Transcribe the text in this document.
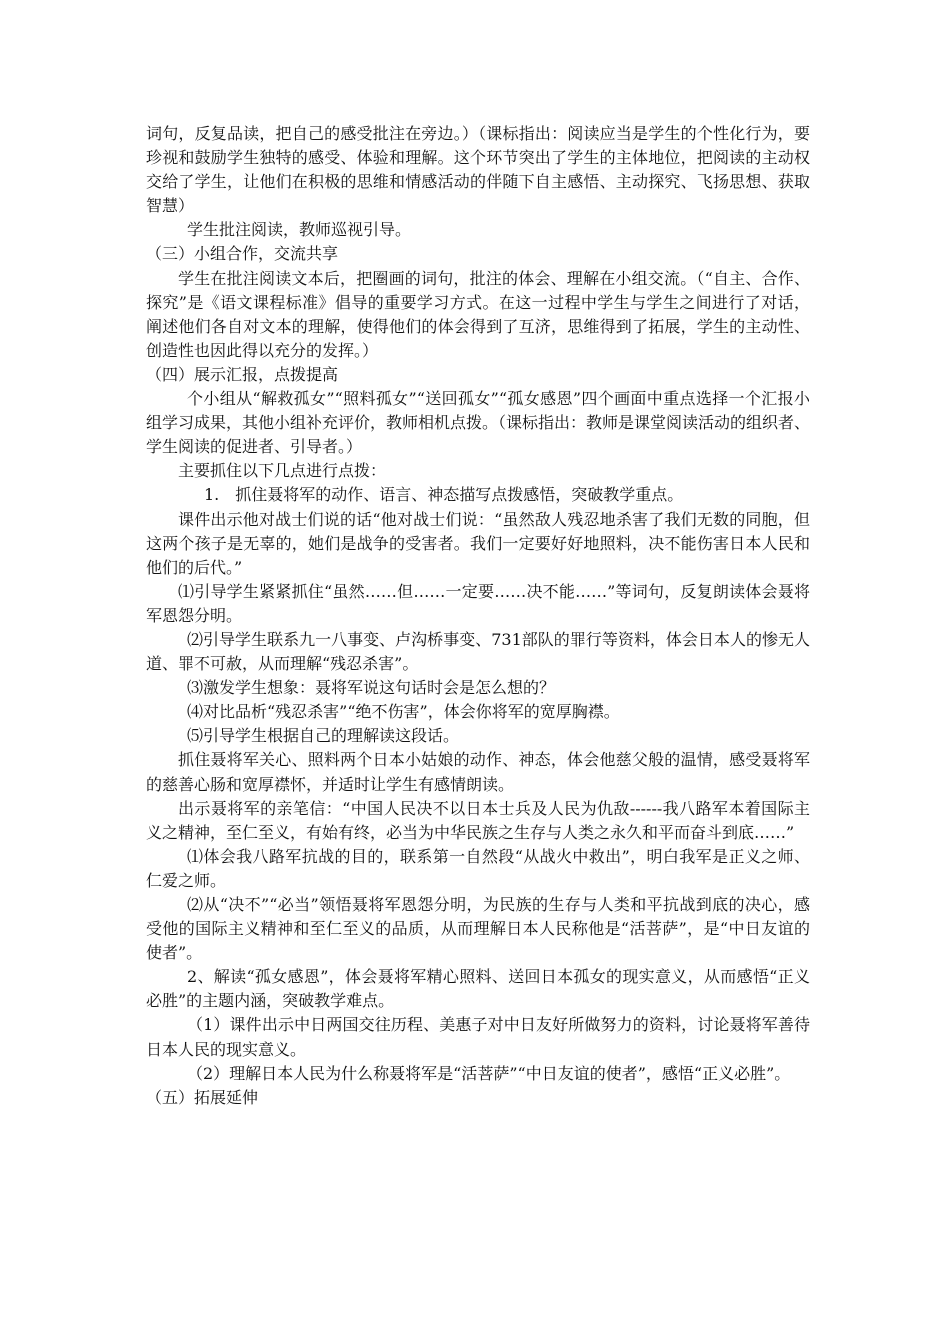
词句，反复品读，把自己的感受批注在旁边。）（课标指出：阅读应当是学生的个性化行为，要珍视和鼓励学生独特的感受、体验和理解。这个环节突出了学生的主体地位，把阅读的主动权交给了学生，让他们在积极的思维和情感活动的伴随下自主感悟、主动探究、飞扬思想、获取智慧）

学生批注阅读，教师巡视引导。

（三）小组合作，交流共享

学生在批注阅读文本后，把圈画的词句，批注的体会、理解在小组交流。（“自主、合作、探究”是《语文课程标准》倡导的重要学习方式。在这一过程中学生与学生之间进行了对话，阐述他们各自对文本的理解，使得他们的体会得到了互济，思维得到了拓展，学生的主动性、创造性也因此得以充分的发挥。）

（四）展示汇报，点拨提高

个小组从“解救孤女”“照料孤女”“送回孤女”“孤女感恩”四个画面中重点选择一个汇报小组学习成果，其他小组补充评价，教师相机点拨。（课标指出：教师是课堂阅读活动的组织者、学生阅读的促进者、引导者。）

主要抓住以下几点进行点拨：

1.　抓住聂将军的动作、语言、神态描写点拨感悟，突破教学重点。

课件出示他对战士们说的话“他对战士们说：“虽然敌人残忍地杀害了我们无数的同胞，但这两个孩子是无辜的，她们是战争的受害者。我们一定要好好地照料，决不能伤害日本人民和他们的后代。”

⑴引导学生紧紧抓住“虽然……但……一定要……决不能……”等词句，反复朗读体会聂将军恩怨分明。

⑵引导学生联系九一八事变、卢沟桥事变、731部队的罪行等资料，体会日本人的惨无人道、罪不可赦，从而理解“残忍杀害”。

⑶激发学生想象：聂将军说这句话时会是怎么想的？

⑷对比品析“残忍杀害”“绝不伤害”，体会你将军的宽厚胸襟。

⑸引导学生根据自己的理解读这段话。

抓住聂将军关心、照料两个日本小姑娘的动作、神态，体会他慈父般的温情，感受聂将军的慈善心肠和宽厚襟怀，并适时让学生有感情朗读。

出示聂将军的亲笔信：“中国人民决不以日本士兵及人民为仇敌------我八路军本着国际主义之精神，至仁至义，有始有终，必当为中华民族之生存与人类之永久和平而奋斗到底……”

⑴体会我八路军抗战的目的，联系第一自然段“从战火中救出”，明白我军是正义之师、仁爱之师。

⑵从“决不”“必当”领悟聂将军恩怨分明，为民族的生存与人类和平抗战到底的决心，感受他的国际主义精神和至仁至义的品质，从而理解日本人民称他是“活菩萨”，是“中日友谊的使者”。

2、解读“孤女感恩”，体会聂将军精心照料、送回日本孤女的现实意义，从而感悟“正义必胜”的主题内涵，突破教学难点。

（1）课件出示中日两国交往历程、美惠子对中日友好所做努力的资料，讨论聂将军善待日本人民的现实意义。

（2）理解日本人民为什么称聂将军是“活菩萨”“中日友谊的使者”，感悟“正义必胜”。

（五）拓展延伸
